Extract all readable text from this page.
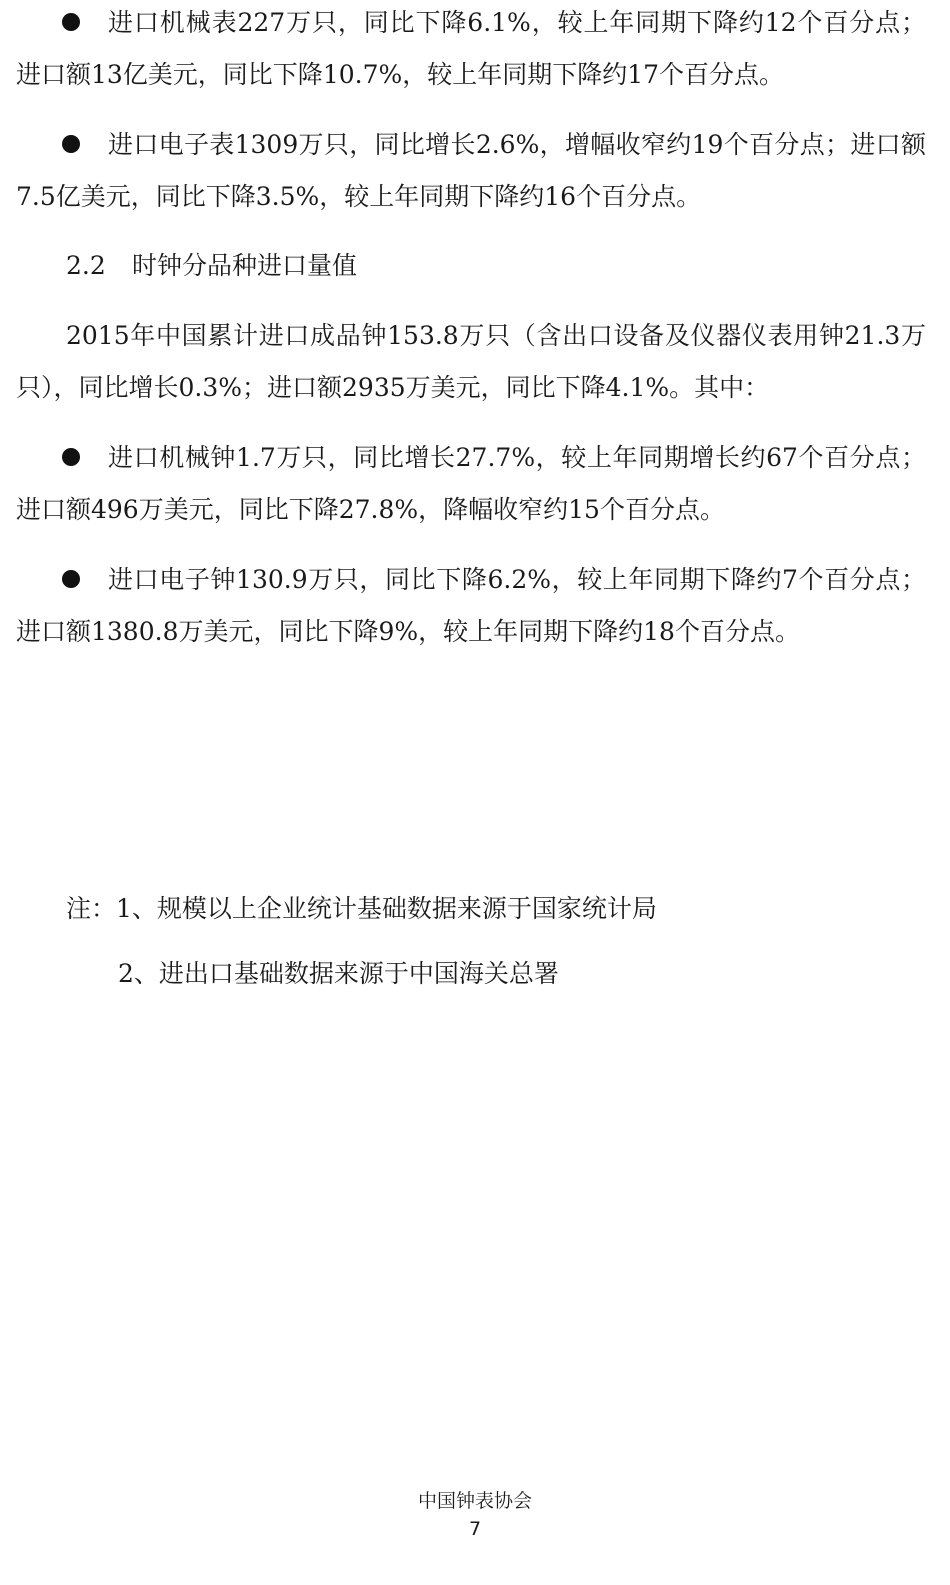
进口机械表227万只，同比下降6.1%，较上年同期下降约12个百分点；进口额13亿美元，同比下降10.7%，较上年同期下降约17个百分点。

进口电子表1309万只，同比增长2.6%，增幅收窄约19个百分点；进口额7.5亿美元，同比下降3.5%，较上年同期下降约16个百分点。

2.2 时钟分品种进口量值

2015年中国累计进口成品钟153.8万只（含出口设备及仪器仪表用钟21.3万只），同比增长0.3%；进口额2935万美元，同比下降4.1%。其中：

进口机械钟1.7万只，同比增长27.7%，较上年同期增长约67个百分点；进口额496万美元，同比下降27.8%，降幅收窄约15个百分点。

进口电子钟130.9万只，同比下降6.2%，较上年同期下降约7个百分点；进口额1380.8万美元，同比下降9%，较上年同期下降约18个百分点。

注：1、规模以上企业统计基础数据来源于国家统计局

2、进出口基础数据来源于中国海关总署

中国钟表协会

7
